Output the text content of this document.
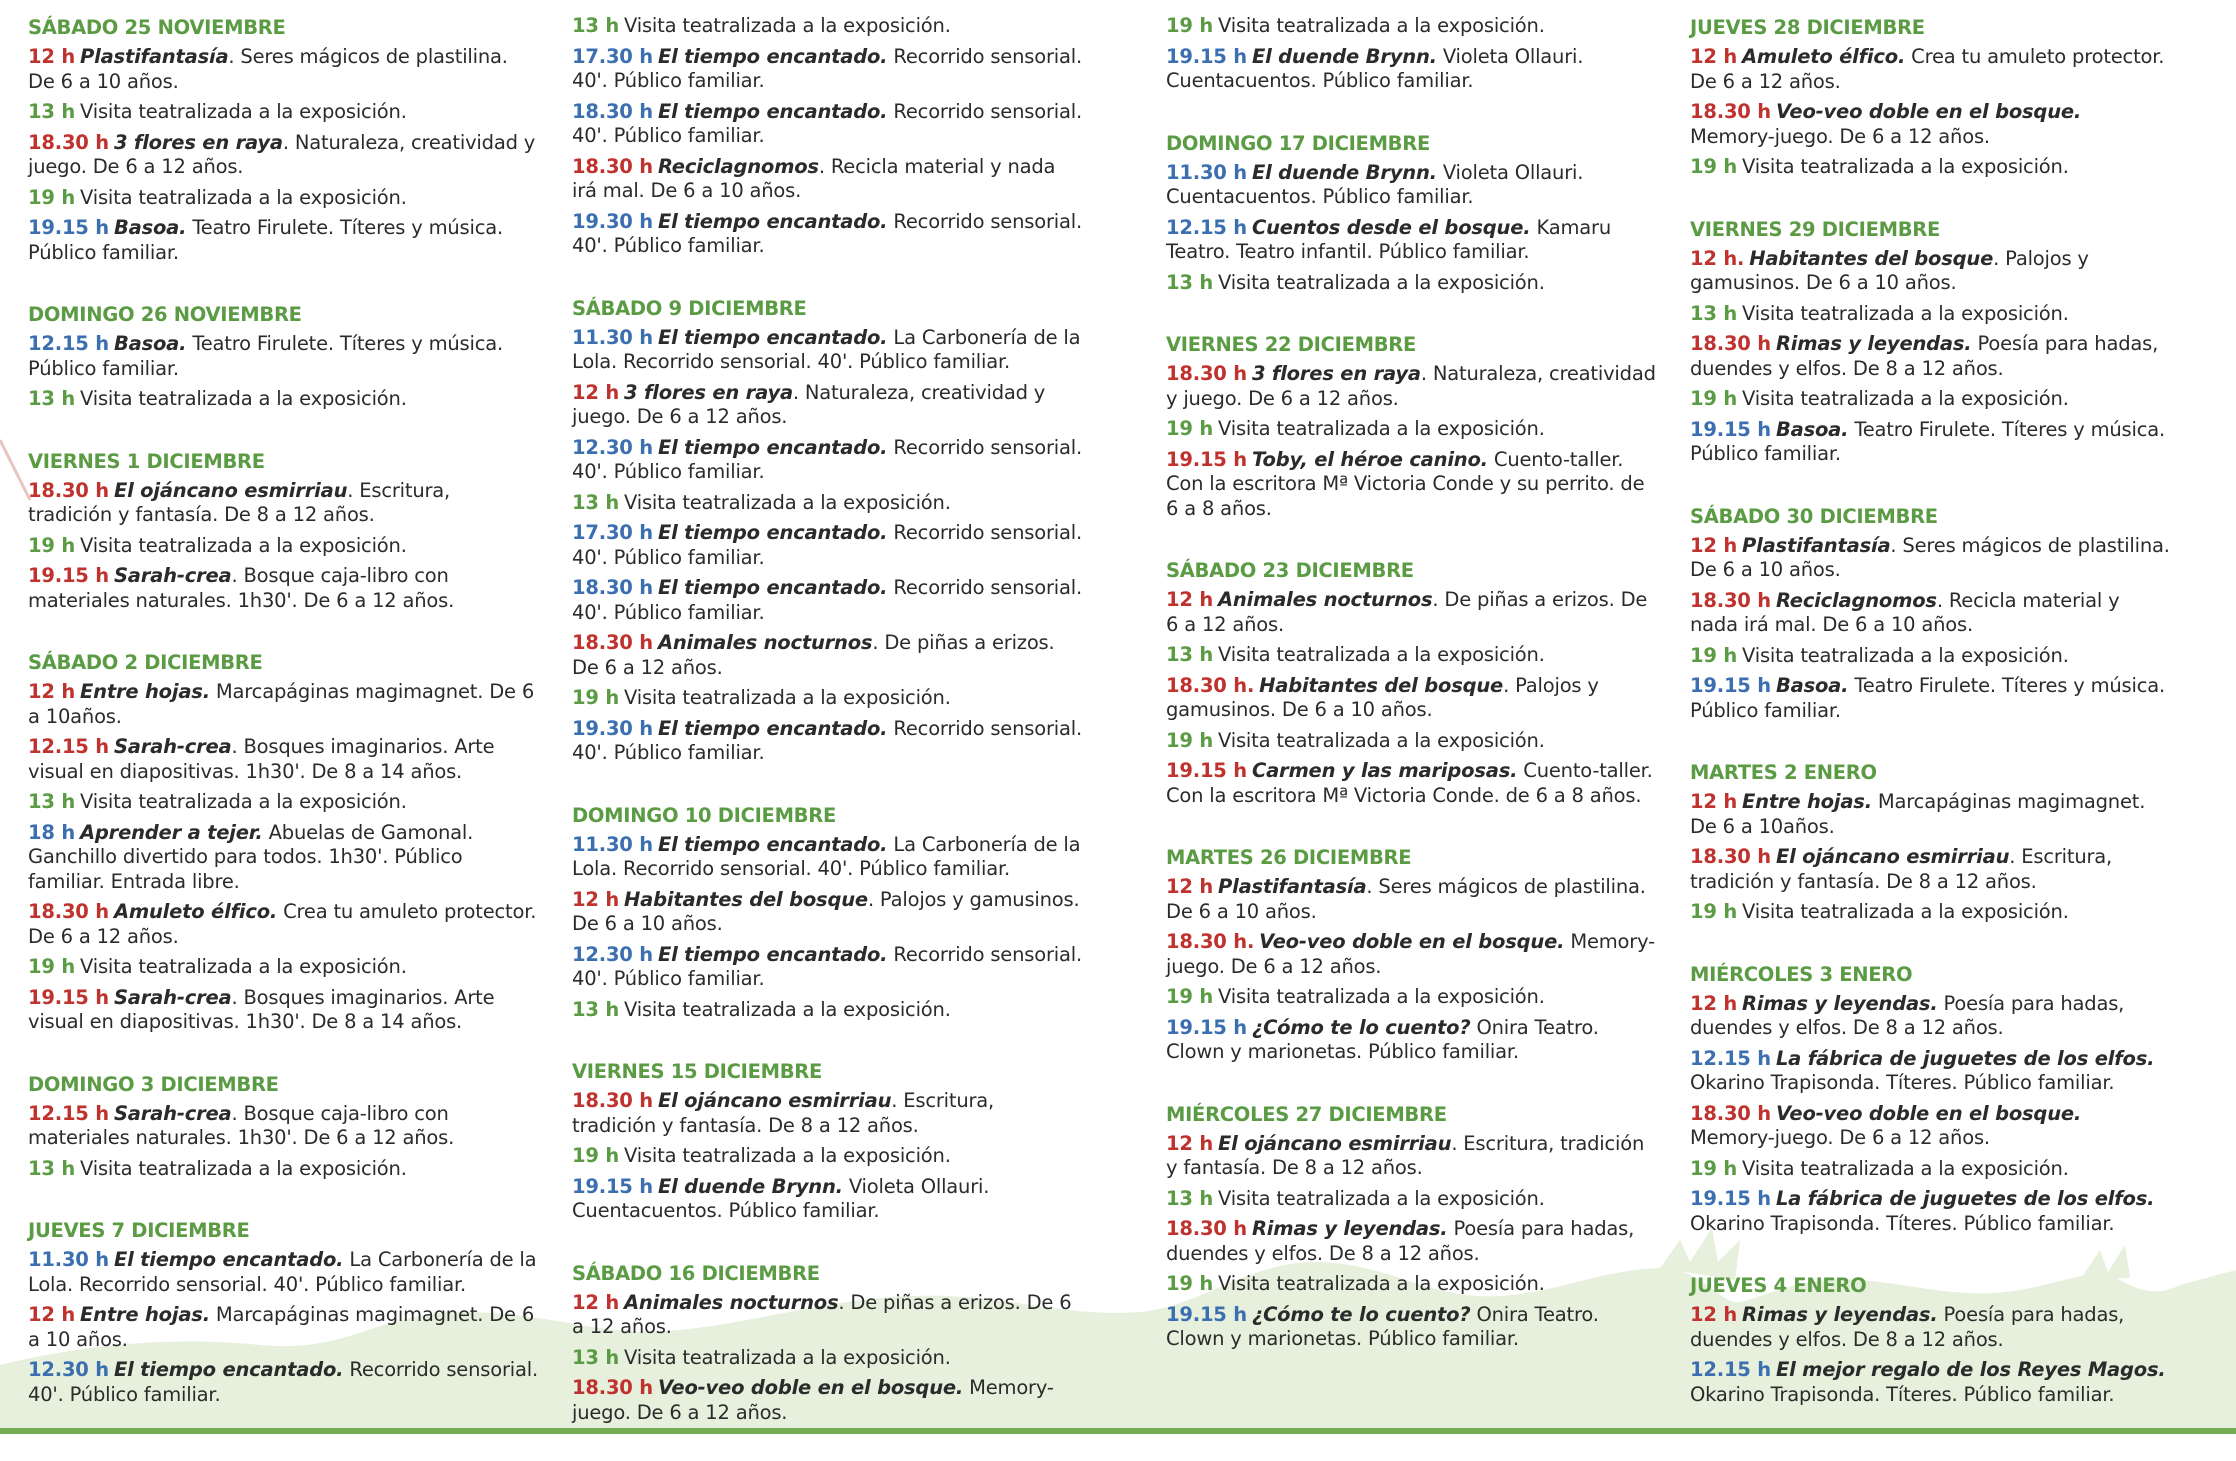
SÁBADO 25 NOVIEMBRE
12 h Plastifantasía. Seres mágicos de plastilina. De 6 a 10 años.
13 h Visita teatralizada a la exposición.
18.30 h 3 flores en raya. Naturaleza, creatividad y juego. De 6 a 12 años.
19 h Visita teatralizada a la exposición.
19.15 h Basoa. Teatro Firulete. Títeres y música. Público familiar.
DOMINGO 26 NOVIEMBRE
12.15 h Basoa. Teatro Firulete. Títeres y música. Público familiar.
13 h Visita teatralizada a la exposición.
VIERNES 1 DICIEMBRE
18.30 h El ojáncano esmirriau. Escritura, tradición y fantasía. De 8 a 12 años.
19 h Visita teatralizada a la exposición.
19.15 h Sarah-crea. Bosque caja-libro con materiales naturales. 1h30'. De 6 a 12 años.
SÁBADO 2 DICIEMBRE
12 h Entre hojas. Marcapáginas magimagnet. De 6 a 10años.
12.15 h Sarah-crea. Bosques imaginarios. Arte visual en diapositivas. 1h30'. De 8 a 14 años.
13 h Visita teatralizada a la exposición.
18 h Aprender a tejer. Abuelas de Gamonal. Ganchillo divertido para todos. 1h30'. Público familiar. Entrada libre.
18.30 h Amuleto élfico. Crea tu amuleto protector. De 6 a 12 años.
19 h Visita teatralizada a la exposición.
19.15 h Sarah-crea. Bosques imaginarios. Arte visual en diapositivas. 1h30'. De 8 a 14 años.
DOMINGO 3 DICIEMBRE
12.15 h Sarah-crea. Bosque caja-libro con materiales naturales. 1h30'. De 6 a 12 años.
13 h Visita teatralizada a la exposición.
JUEVES 7 DICIEMBRE
11.30 h El tiempo encantado. La Carbonería de la Lola. Recorrido sensorial. 40'. Público familiar.
12 h Entre hojas. Marcapáginas magimagnet. De 6 a 10 años.
12.30 h El tiempo encantado. Recorrido sensorial. 40'. Público familiar.
13 h Visita teatralizada a la exposición.
17.30 h El tiempo encantado. Recorrido sensorial. 40'. Público familiar.
18.30 h El tiempo encantado. Recorrido sensorial. 40'. Público familiar.
18.30 h Reciclagnomos. Recicla material y nada irá mal. De 6 a 10 años.
19.30 h El tiempo encantado. Recorrido sensorial. 40'. Público familiar.
SÁBADO 9 DICIEMBRE
11.30 h El tiempo encantado. La Carbonería de la Lola. Recorrido sensorial. 40'. Público familiar.
12 h 3 flores en raya. Naturaleza, creatividad y juego. De 6 a 12 años.
12.30 h El tiempo encantado. Recorrido sensorial. 40'. Público familiar.
13 h Visita teatralizada a la exposición.
17.30 h El tiempo encantado. Recorrido sensorial. 40'. Público familiar.
18.30 h El tiempo encantado. Recorrido sensorial. 40'. Público familiar.
18.30 h Animales nocturnos. De piñas a erizos. De 6 a 12 años.
19 h Visita teatralizada a la exposición.
19.30 h El tiempo encantado. Recorrido sensorial. 40'. Público familiar.
DOMINGO 10 DICIEMBRE
11.30 h El tiempo encantado. La Carbonería de la Lola. Recorrido sensorial. 40'. Público familiar.
12 h Habitantes del bosque. Palojos y gamusinos. De 6 a 10 años.
12.30 h El tiempo encantado. Recorrido sensorial. 40'. Público familiar.
13 h Visita teatralizada a la exposición.
VIERNES 15 DICIEMBRE
18.30 h El ojáncano esmirriau. Escritura, tradición y fantasía. De 8 a 12 años.
19 h Visita teatralizada a la exposición.
19.15 h El duende Brynn. Violeta Ollauri. Cuentacuentos. Público familiar.
SÁBADO 16 DICIEMBRE
12 h Animales nocturnos. De piñas a erizos. De 6 a 12 años.
13 h Visita teatralizada a la exposición.
18.30 h Veo-veo doble en el bosque. Memory-juego. De 6 a 12 años.
19 h Visita teatralizada a la exposición.
19.15 h El duende Brynn. Violeta Ollauri. Cuentacuentos. Público familiar.
DOMINGO 17 DICIEMBRE
11.30 h El duende Brynn. Violeta Ollauri. Cuentacuentos. Público familiar.
12.15 h Cuentos desde el bosque. Kamaru Teatro. Teatro infantil. Público familiar.
13 h Visita teatralizada a la exposición.
VIERNES 22 DICIEMBRE
18.30 h 3 flores en raya. Naturaleza, creatividad y juego. De 6 a 12 años.
19 h Visita teatralizada a la exposición.
19.15 h Toby, el héroe canino. Cuento-taller. Con la escritora Mª Victoria Conde y su perrito. de 6 a 8 años.
SÁBADO 23 DICIEMBRE
12 h Animales nocturnos. De piñas a erizos. De 6 a 12 años.
13 h Visita teatralizada a la exposición.
18.30 h. Habitantes del bosque. Palojos y gamusinos. De 6 a 10 años.
19 h Visita teatralizada a la exposición.
19.15 h Carmen y las mariposas. Cuento-taller. Con la escritora Mª Victoria Conde. de 6 a 8 años.
MARTES 26 DICIEMBRE
12 h Plastifantasía. Seres mágicos de plastilina. De 6 a 10 años.
18.30 h. Veo-veo doble en el bosque. Memory-juego. De 6 a 12 años.
19 h Visita teatralizada a la exposición.
19.15 h ¿Cómo te lo cuento? Onira Teatro. Clown y marionetas. Público familiar.
MIÉRCOLES 27 DICIEMBRE
12 h El ojáncano esmirriau. Escritura, tradición y fantasía. De 8 a 12 años.
13 h Visita teatralizada a la exposición.
18.30 h Rimas y leyendas. Poesía para hadas, duendes y elfos. De 8 a 12 años.
19 h Visita teatralizada a la exposición.
19.15 h ¿Cómo te lo cuento? Onira Teatro. Clown y marionetas. Público familiar.
JUEVES 28 DICIEMBRE
12 h Amuleto élfico. Crea tu amuleto protector. De 6 a 12 años.
18.30 h Veo-veo doble en el bosque. Memory-juego. De 6 a 12 años.
19 h Visita teatralizada a la exposición.
VIERNES 29 DICIEMBRE
12 h. Habitantes del bosque. Palojos y gamusinos. De 6 a 10 años.
13 h Visita teatralizada a la exposición.
18.30 h Rimas y leyendas. Poesía para hadas, duendes y elfos. De 8 a 12 años.
19 h Visita teatralizada a la exposición.
19.15 h Basoa. Teatro Firulete. Títeres y música. Público familiar.
SÁBADO 30 DICIEMBRE
12 h Plastifantasía. Seres mágicos de plastilina. De 6 a 10 años.
18.30 h Reciclagnomos. Recicla material y nada irá mal. De 6 a 10 años.
19 h Visita teatralizada a la exposición.
19.15 h Basoa. Teatro Firulete. Títeres y música. Público familiar.
MARTES 2 ENERO
12 h Entre hojas. Marcapáginas magimagnet. De 6 a 10años.
18.30 h El ojáncano esmirriau. Escritura, tradición y fantasía. De 8 a 12 años.
19 h Visita teatralizada a la exposición.
MIÉRCOLES 3 ENERO
12 h Rimas y leyendas. Poesía para hadas, duendes y elfos. De 8 a 12 años.
12.15 h La fábrica de juguetes de los elfos. Okarino Trapisonda. Títeres. Público familiar.
18.30 h Veo-veo doble en el bosque. Memory-juego. De 6 a 12 años.
19 h Visita teatralizada a la exposición.
19.15 h La fábrica de juguetes de los elfos. Okarino Trapisonda. Títeres. Público familiar.
JUEVES 4 ENERO
12 h Rimas y leyendas. Poesía para hadas, duendes y elfos. De 8 a 12 años.
12.15 h El mejor regalo de los Reyes Magos. Okarino Trapisonda. Títeres. Público familiar.
